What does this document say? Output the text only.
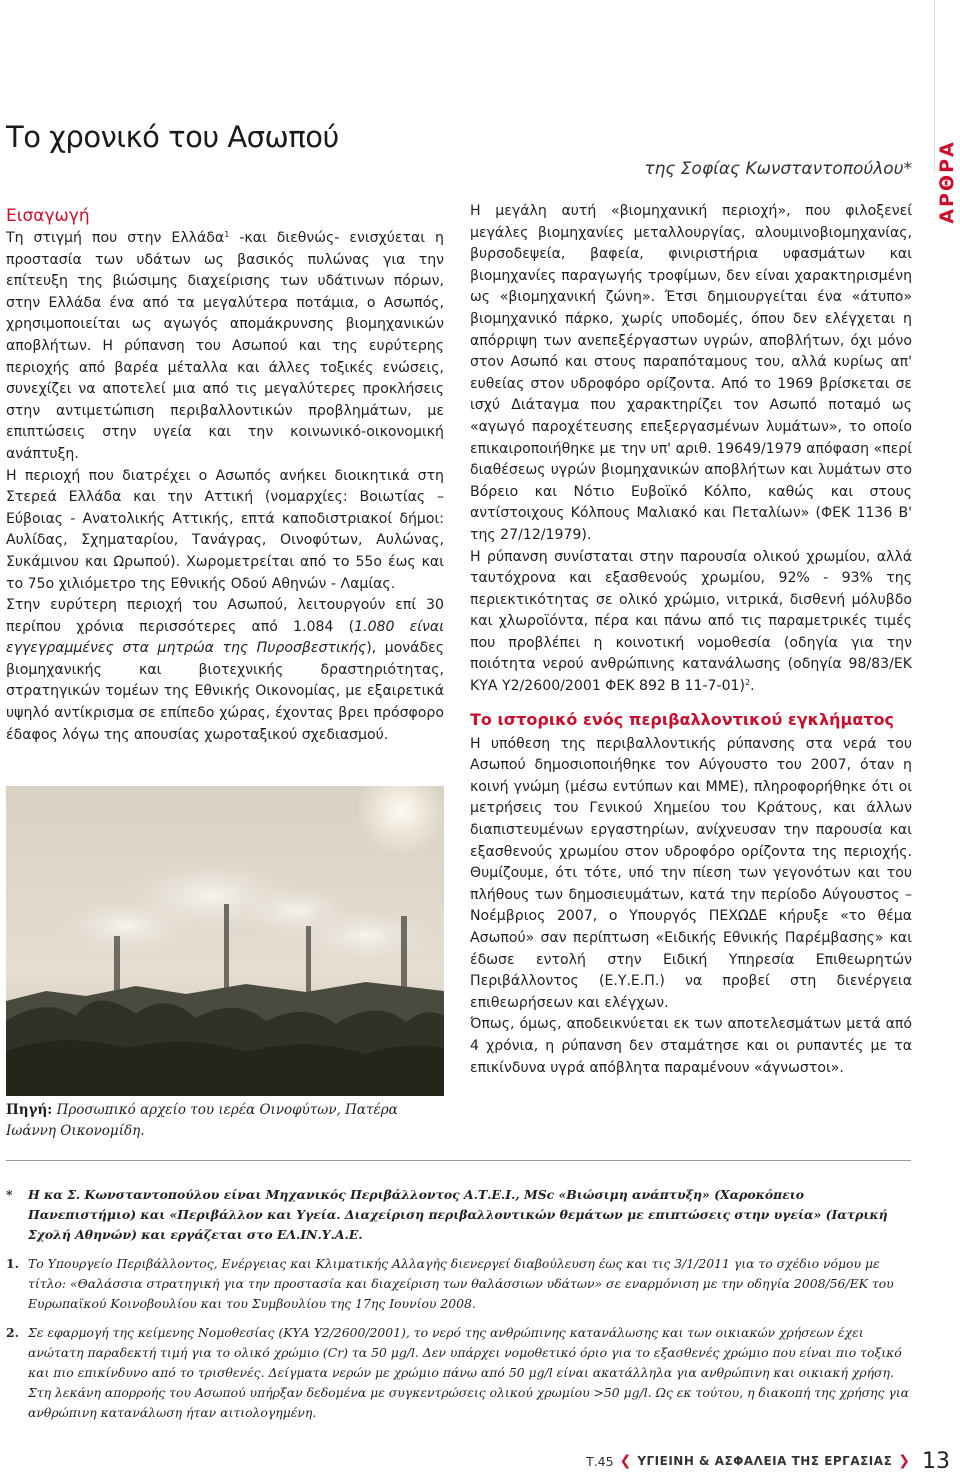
ΑΡΘΡΑ
Το χρονικό του Ασωπού
της Σοφίας Κωνσταντοπούλου*
Εισαγωγή

Τη στιγμή που στην Ελλάδα$^1$ -και διεθνώς- ενισχύεται η προστασία των υδάτων ως βασικός πυλώνας για την επίτευξη της βιώσιμης διαχείρισης των υδάτινων πόρων, στην Ελλάδα ένα από τα μεγαλύτερα ποτάμια, ο Ασωπός, χρησιμοποιείται ως αγωγός απομάκρυνσης βιομηχανικών αποβλήτων. Η ρύπανση του Ασωπού και της ευρύτερης περιοχής από βαρέα μέταλλα και άλλες τοξικές ενώσεις, συνεχίζει να αποτελεί μια από τις μεγαλύτερες προκλήσεις στην αντιμετώπιση περιβαλλοντικών προβλημάτων, με επιπτώσεις στην υγεία και την κοινωνικό-οικονομική ανάπτυξη.

Η περιοχή που διατρέχει ο Ασωπός ανήκει διοικητικά στη Στερεά Ελλάδα και την Αττική (νομαρχίες: Βοιωτίας – Εύβοιας - Ανατολικής Αττικής, επτά καποδιστριακοί δήμοι: Αυλίδας, Σχηματαρίου, Τανάγρας, Οινοφύτων, Αυλώνας, Συκάμινου και Ωρωπού). Χωρομετρείται από το 55ο έως και το 75ο χιλιόμετρο της Εθνικής Οδού Αθηνών - Λαμίας.

Στην ευρύτερη περιοχή του Ασωπού, λειτουργούν επί 30 περίπου χρόνια περισσότερες από 1.084 (1.080 είναι εγγεγραμμένες στα μητρώα της Πυροσβεστικής), μονάδες βιομηχανικής και βιοτεχνικής δραστηριότητας, στρατηγικών τομέων της Εθνικής Οικονομίας, με εξαιρετικά υψηλό αντίκρισμα σε επίπεδο χώρας, έχοντας βρει πρόσφορο έδαφος λόγω της απουσίας χωροταξικού σχεδιασμού.

Πηγή: Προσωπικό αρχείο του ιερέα Οινοφύτων, Πατέρα Ιωάννη Οικονομίδη.

Η μεγάλη αυτή «βιομηχανική περιοχή», που φιλοξενεί μεγάλες βιομηχανίες μεταλλουργίας, αλουμινοβιομηχανίας, βυρσοδεψεία, βαφεία, φινιριστήρια υφασμάτων και βιομηχανίες παραγωγής τροφίμων, δεν είναι χαρακτηρισμένη ως «βιομηχανική ζώνη». Έτσι δημιουργείται ένα «άτυπο» βιομηχανικό πάρκο, χωρίς υποδομές, όπου δεν ελέγχεται η απόρριψη των ανεπεξέργαστων υγρών, αποβλήτων, όχι μόνο στον Ασωπό και στους παραπόταμους του, αλλά κυρίως απ' ευθείας στον υδροφόρο ορίζοντα. Από το 1969 βρίσκεται σε ισχύ Διάταγμα που χαρακτηρίζει τον Ασωπό ποταμό ως «αγωγό παροχέτευσης επεξεργασμένων λυμάτων», το οποίο επικαιροποιήθηκε με την υπ' αριθ. 19649/1979 απόφαση «περί διαθέσεως υγρών βιομηχανικών αποβλήτων και λυμάτων στο Βόρειο και Νότιο Ευβοϊκό Κόλπο, καθώς και στους αντίστοιχους Κόλπους Μαλιακό και Πεταλίων» (ΦΕΚ 1136 Β' της 27/12/1979).

Η ρύπανση συνίσταται στην παρουσία ολικού χρωμίου, αλλά ταυτόχρονα και εξασθενούς χρωμίου, 92% - 93% της περιεκτικότητας σε ολικό χρώμιο, νιτρικά, δισθενή μόλυβδο και χλωροϊόντα, πέρα και πάνω από τις παραμετρικές τιμές που προβλέπει η κοινοτική νομοθεσία (οδηγία για την ποιότητα νερού ανθρώπινης κατανάλωσης (οδηγία 98/83/ΕΚ ΚΥΑ Υ2/2600/2001 ΦΕΚ 892 Β 11-7-01)$^2$.

Το ιστορικό ενός περιβαλλοντικού εγκλήματος

Η υπόθεση της περιβαλλοντικής ρύπανσης στα νερά του Ασωπού δημοσιοποιήθηκε τον Αύγουστο του 2007, όταν η κοινή γνώμη (μέσω εντύπων και ΜΜΕ), πληροφορήθηκε ότι οι μετρήσεις του Γενικού Χημείου του Κράτους, και άλλων διαπιστευμένων εργαστηρίων, ανίχνευσαν την παρουσία και εξασθενούς χρωμίου στον υδροφόρο ορίζοντα της περιοχής. Θυμίζουμε, ότι τότε, υπό την πίεση των γεγονότων και του πλήθους των δημοσιευμάτων, κατά την περίοδο Αύγουστος – Νοέμβριος 2007, ο Υπουργός ΠΕΧΩΔΕ κήρυξε «το θέμα Ασωπού» σαν περίπτωση «Ειδικής Εθνικής Παρέμβασης» και έδωσε εντολή στην Ειδική Υπηρεσία Επιθεωρητών Περιβάλλοντος (Ε.Υ.Ε.Π.) να προβεί στη διενέργεια επιθεωρήσεων και ελέγχων.

Όπως, όμως, αποδεικνύεται εκ των αποτελεσμάτων μετά από 4 χρόνια, η ρύπανση δεν σταμάτησε και οι ρυπαντές με τα επικίνδυνα υγρά απόβλητα παραμένουν «άγνωστοι».

* Η κα Σ. Κωνσταντοπούλου είναι Μηχανικός Περιβάλλοντος Α.Τ.Ε.Ι., MSc «Βιώσιμη ανάπτυξη» (Χαροκόπειο Πανεπιστήμιο) και «Περιβάλλον και Υγεία. Διαχείριση περιβαλλοντικών θεμάτων με επιπτώσεις στην υγεία» (Ιατρική Σχολή Αθηνών) και εργάζεται στο ΕΛ.ΙΝ.Υ.Α.Ε.

1. Το Υπουργείο Περιβάλλοντος, Ενέργειας και Κλιματικής Αλλαγής διενεργεί διαβούλευση έως και τις 3/1/2011 για το σχέδιο νόμου με τίτλο: «Θαλάσσια στρατηγική για την προστασία και διαχείριση των θαλάσσιων υδάτων» σε εναρμόνιση με την οδηγία 2008/56/ΕΚ του Ευρωπαϊκού Κοινοβουλίου και του Συμβουλίου της 17ης Ιουνίου 2008.

2. Σε εφαρμογή της κείμενης Νομοθεσίας (ΚΥΑ Υ2/2600/2001), το νερό της ανθρώπινης κατανάλωσης και των οικιακών χρήσεων έχει ανώτατη παραδεκτή τιμή για το ολικό χρώμιο (Cr) τα 50 μg/l. Δεν υπάρχει νομοθετικό όριο για το εξασθενές χρώμιο που είναι πιο τοξικό και πιο επικίνδυνο από το τρισθενές. Δείγματα νερών με χρώμιο πάνω από 50 μg/l είναι ακατάλληλα για ανθρώπινη και οικιακή χρήση. Στη λεκάνη απορροής του Ασωπού υπήρξαν δεδομένα με συγκεντρώσεις ολικού χρωμίου >50 μg/l. Ως εκ τούτου, η διακοπή της χρήσης για ανθρώπινη κατανάλωση ήταν αιτιολογημένη.

Τ.45 ❮ ΥΓΙΕΙΝΗ & ΑΣΦΑΛΕΙΑ ΤΗΣ ΕΡΓΑΣΙΑΣ ❯ 13
